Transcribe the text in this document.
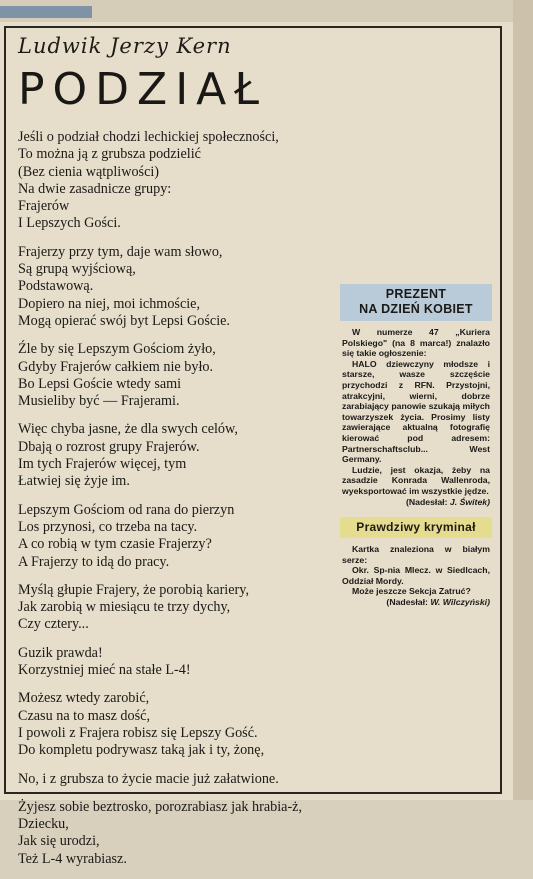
Ludwik Jerzy Kern
PODZIAŁ
Jeśli o podział chodzi lechickiej społeczności,
To można ją z grubsza podzielić
(Bez cienia wątpliwości)
Na dwie zasadnicze grupy:
Frajerów
I Lepszych Gości.
Frajerzy przy tym, daje wam słowo,
Są grupą wyjściową,
Podstawową.
Dopiero na niej, moi ichmoście,
Mogą opierać swój byt Lepsi Goście.
Źle by się Lepszym Gościom żyło,
Gdyby Frajerów całkiem nie było.
Bo Lepsi Goście wtedy sami
Musieliby być — Frajerami.
Więc chyba jasne, że dla swych celów,
Dbają o rozrost grupy Frajerów.
Im tych Frajerów więcej, tym
Łatwiej się żyje im.
Lepszym Gościom od rana do pierzyn
Los przynosi, co trzeba na tacy.
A co robią w tym czasie Frajerzy?
A Frajerzy to idą do pracy.
Myślą głupie Frajery, że porobią kariery,
Jak zarobią w miesiącu te trzy dychy,
Czy cztery...
Guzik prawda!
Korzystniej mieć na stałe L-4!
Możesz wtedy zarobić,
Czasu na to masz dość,
I powoli z Frajera robisz się Lepszy Gość.
Do kompletu podrywasz taką jak i ty, żonę,
No, i z grubsza to życie macie już załatwione.
Żyjesz sobie beztrosko, porozrabiasz jak hrabia-ż,
Dziecku,
Jak się urodzi,
Też L-4 wyrabiasz.
PREZENT
NA DZIEŃ KOBIET

W numerze 47 „Kuriera Polskiego" (na 8 marca!) znalazło się takie ogłoszenie:

HALO dziewczyny młodsze i starsze, wasze szczęście przychodzi z RFN. Przystojni, atrakcyjni, wierni, dobrze zarabiający panowie szukają miłych towarzyszek życia. Prosimy listy zawierające aktualną fotografię kierować pod adresem: Partnerschaftsclub... West Germany.

Ludzie, jest okazja, żeby na zasadzie Konrada Wallenroda, wyeksportować im wszystkie jędze.

(Nadesłał: J. Świtek)

Prawdziwy kryminał

Kartka znaleziona w białym serze:

Okr. Sp-nia Mlecz. w Siedlcach, Oddział Mordy.

Może jeszcze Sekcja Zatruć?

(Nadesłał: W. Wilczyński)
